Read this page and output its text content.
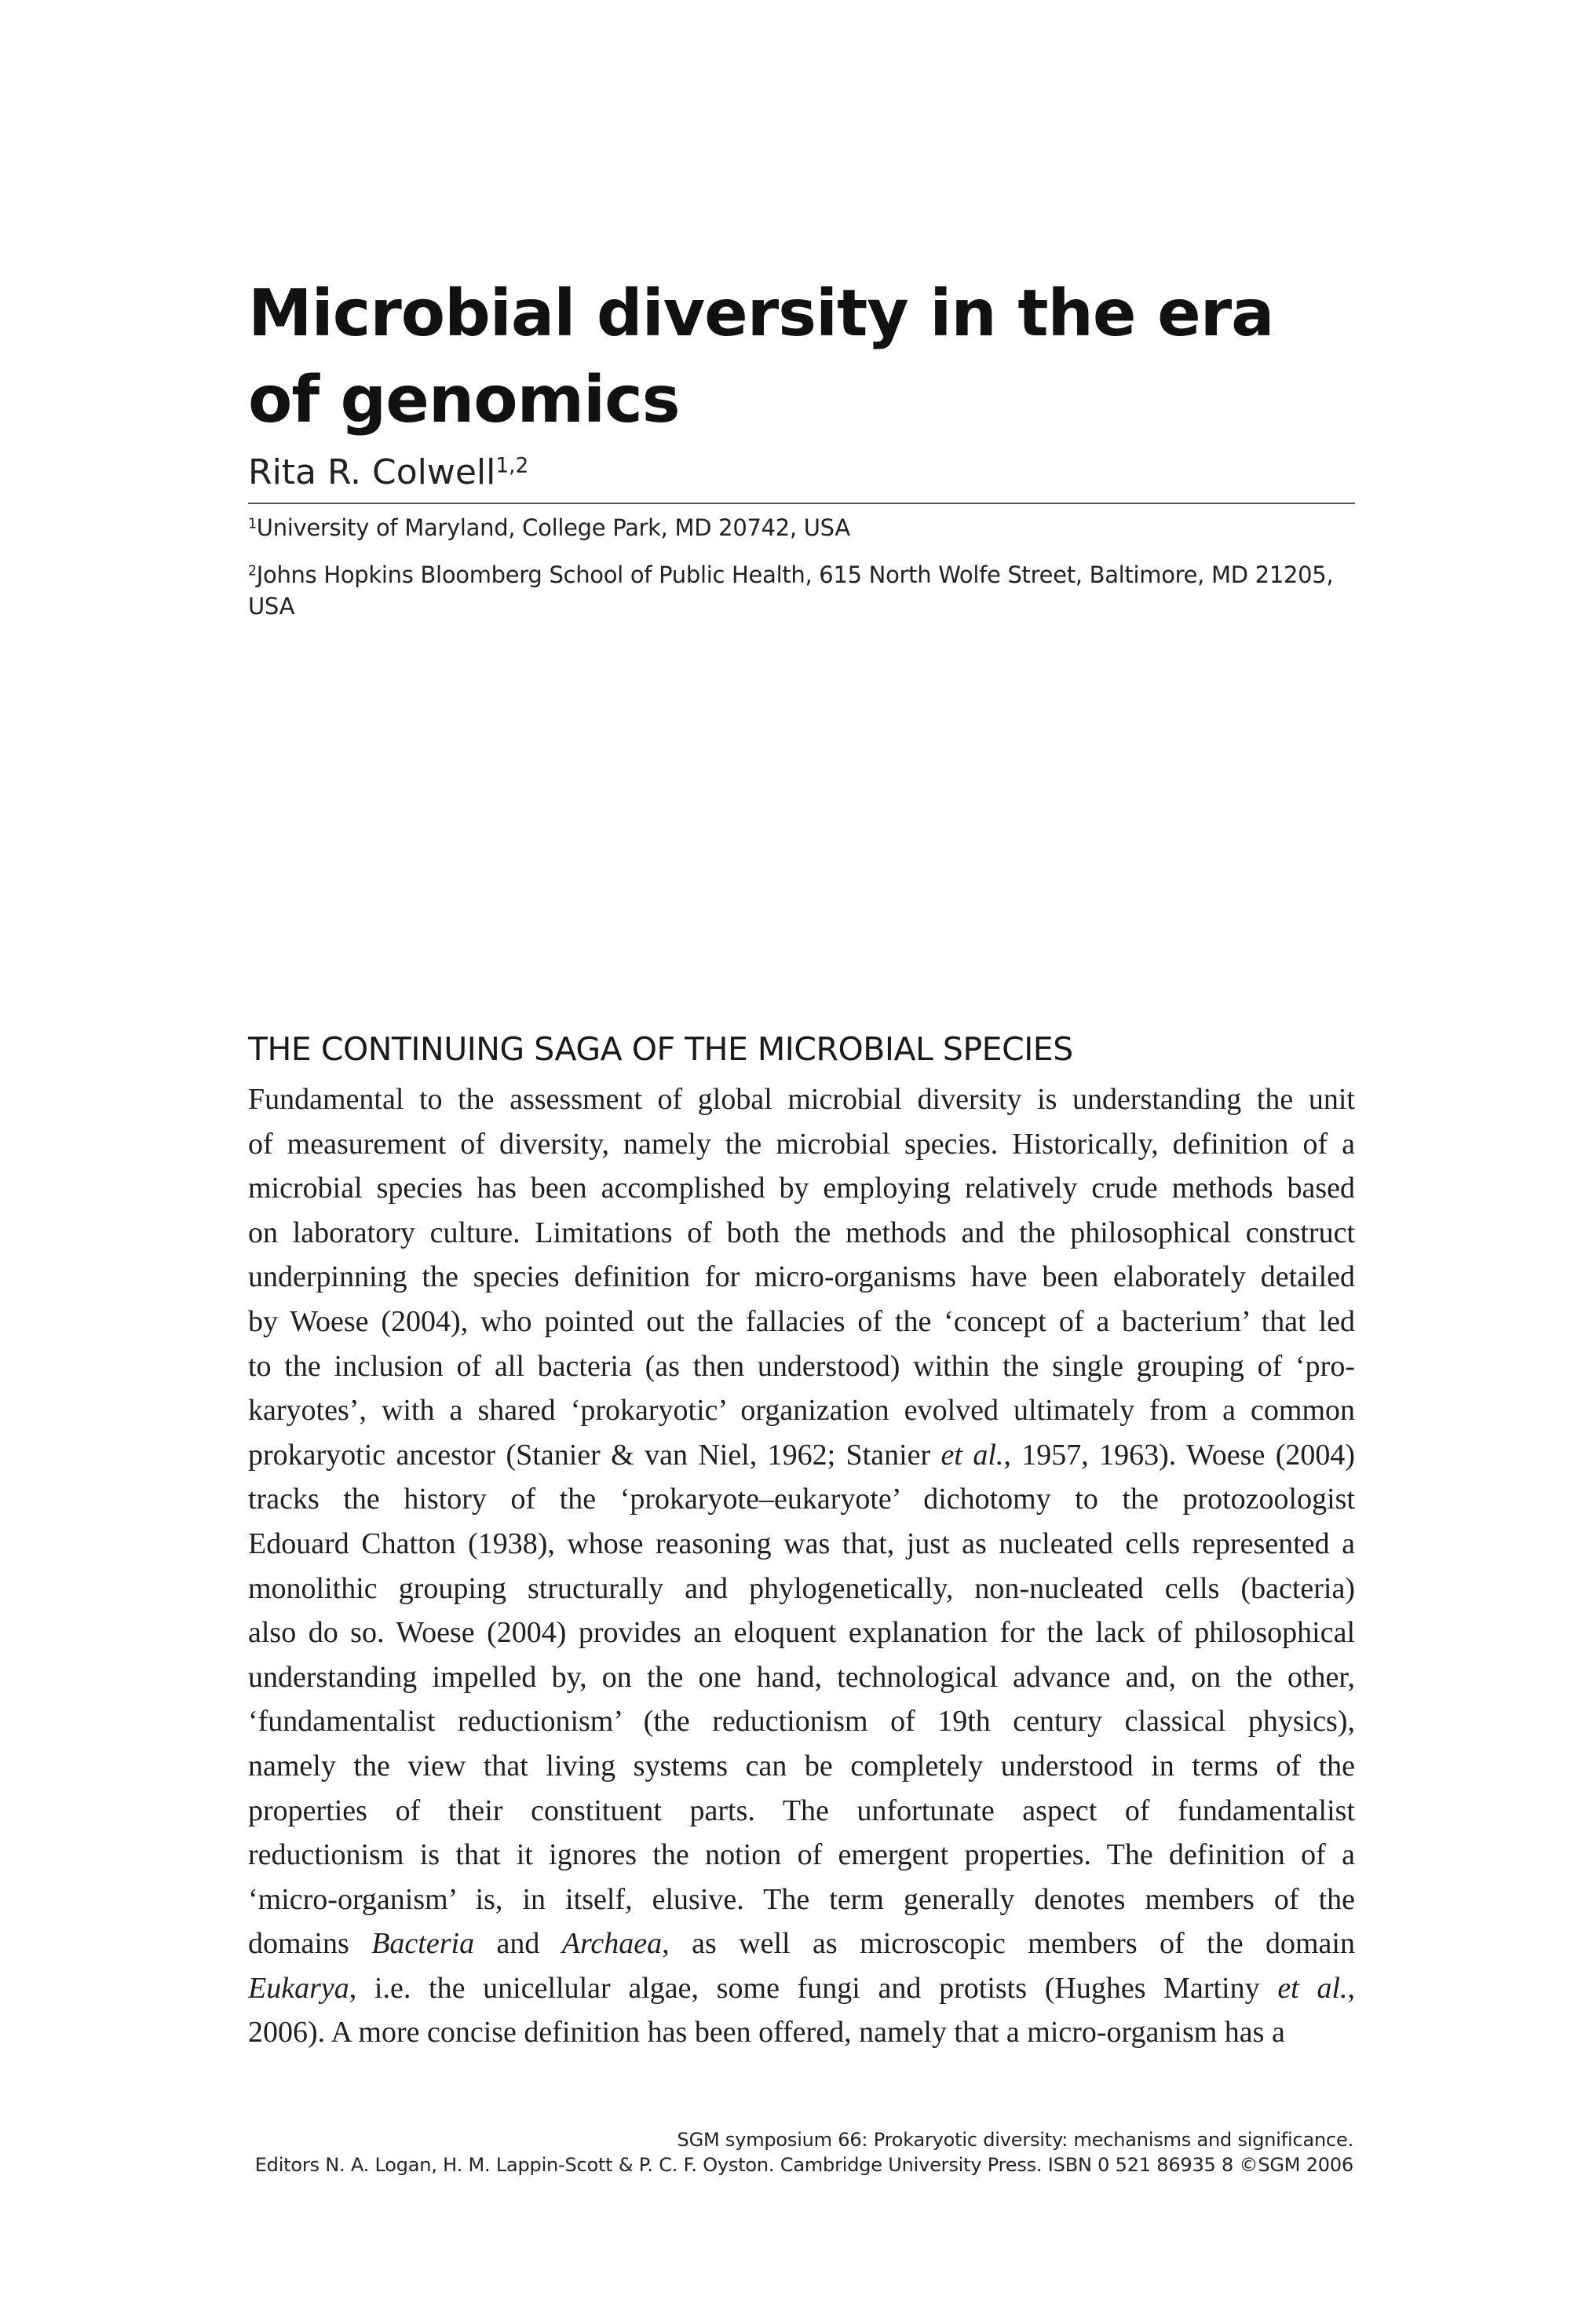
Microbial diversity in the era of genomics

Rita R. Colwell$^{1,2}$

$^1$University of Maryland, College Park, MD 20742, USA

$^2$Johns Hopkins Bloomberg School of Public Health, 615 North Wolfe Street, Baltimore, MD 21205, USA

THE CONTINUING SAGA OF THE MICROBIAL SPECIES
Fundamental to the assessment of global microbial diversity is understanding the unit
of measurement of diversity, namely the microbial species. Historically, definition of a
microbial species has been accomplished by employing relatively crude methods based
on laboratory culture. Limitations of both the methods and the philosophical construct
underpinning the species definition for micro-organisms have been elaborately detailed
by Woese (2004), who pointed out the fallacies of the ‘concept of a bacterium’ that led
to the inclusion of all bacteria (as then understood) within the single grouping of ‘pro-
karyotes’, with a shared ‘prokaryotic’ organization evolved ultimately from a common
prokaryotic ancestor (Stanier & van Niel, 1962; Stanier et al., 1957, 1963). Woese (2004)
tracks the history of the ‘prokaryote–eukaryote’ dichotomy to the protozoologist
Edouard Chatton (1938), whose reasoning was that, just as nucleated cells represented a
monolithic grouping structurally and phylogenetically, non-nucleated cells (bacteria)
also do so. Woese (2004) provides an eloquent explanation for the lack of philosophical
understanding impelled by, on the one hand, technological advance and, on the other,
‘fundamentalist reductionism’ (the reductionism of 19th century classical physics),
namely the view that living systems can be completely understood in terms of the
properties of their constituent parts. The unfortunate aspect of fundamentalist
reductionism is that it ignores the notion of emergent properties. The definition of a
‘micro-organism’ is, in itself, elusive. The term generally denotes members of the
domains Bacteria and Archaea, as well as microscopic members of the domain
Eukarya, i.e. the unicellular algae, some fungi and protists (Hughes Martiny et al.,
2006). A more concise definition has been offered, namely that a micro-organism has a
SGM symposium 66: Prokaryotic diversity: mechanisms and significance.
Editors N. A. Logan, H. M. Lappin-Scott & P. C. F. Oyston. Cambridge University Press. ISBN 0 521 86935 8 ©SGM 2006
